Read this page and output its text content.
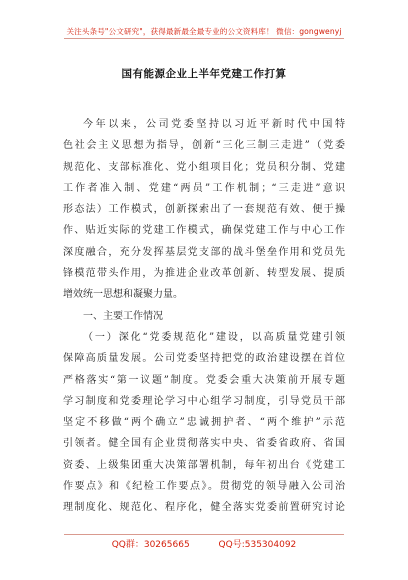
关注头条号"公文研究"，获得最新最全最专业的公文资料库！ 微信：gongwenyj
国有能源企业上半年党建工作打算
今年以来，公司党委坚持以习近平新时代中国特
色社会主义思想为指导，创新“三化三制三走进”（党委
规范化、支部标准化、党小组项目化；党员积分制、党建
工作者准入制、党建“两员”工作机制；“三走进”意识
形态法）工作模式，创新探索出了一套规范有效、便于操
作、贴近实际的党建工作模式，确保党建工作与中心工作
深度融合，充分发挥基层党支部的战斗堡垒作用和党员先
锋模范带头作用，为推进企业改革创新、转型发展、提质
增效统一思想和凝聚力量。
一、主要工作情况
（一）深化“党委规范化”建设，以高质量党建引领
保障高质量发展。公司党委坚持把党的政治建设摆在首位
严格落实“第一议题”制度。党委会重大决策前开展专题
学习制度和党委理论学习中心组学习制度，引导党员干部
坚定不移做“两个确立”忠诚拥护者、“两个维护”示范
引领者。健全国有企业贯彻落实中央、省委省政府、省国
资委、上级集团重大决策部署机制，每年初出台《党建工
作要点》和《纪检工作要点》。贯彻党的领导融入公司治
理制度化、规范化、程序化，健全落实党委前置研究讨论
QQ群：30265665	QQ号:535304092
